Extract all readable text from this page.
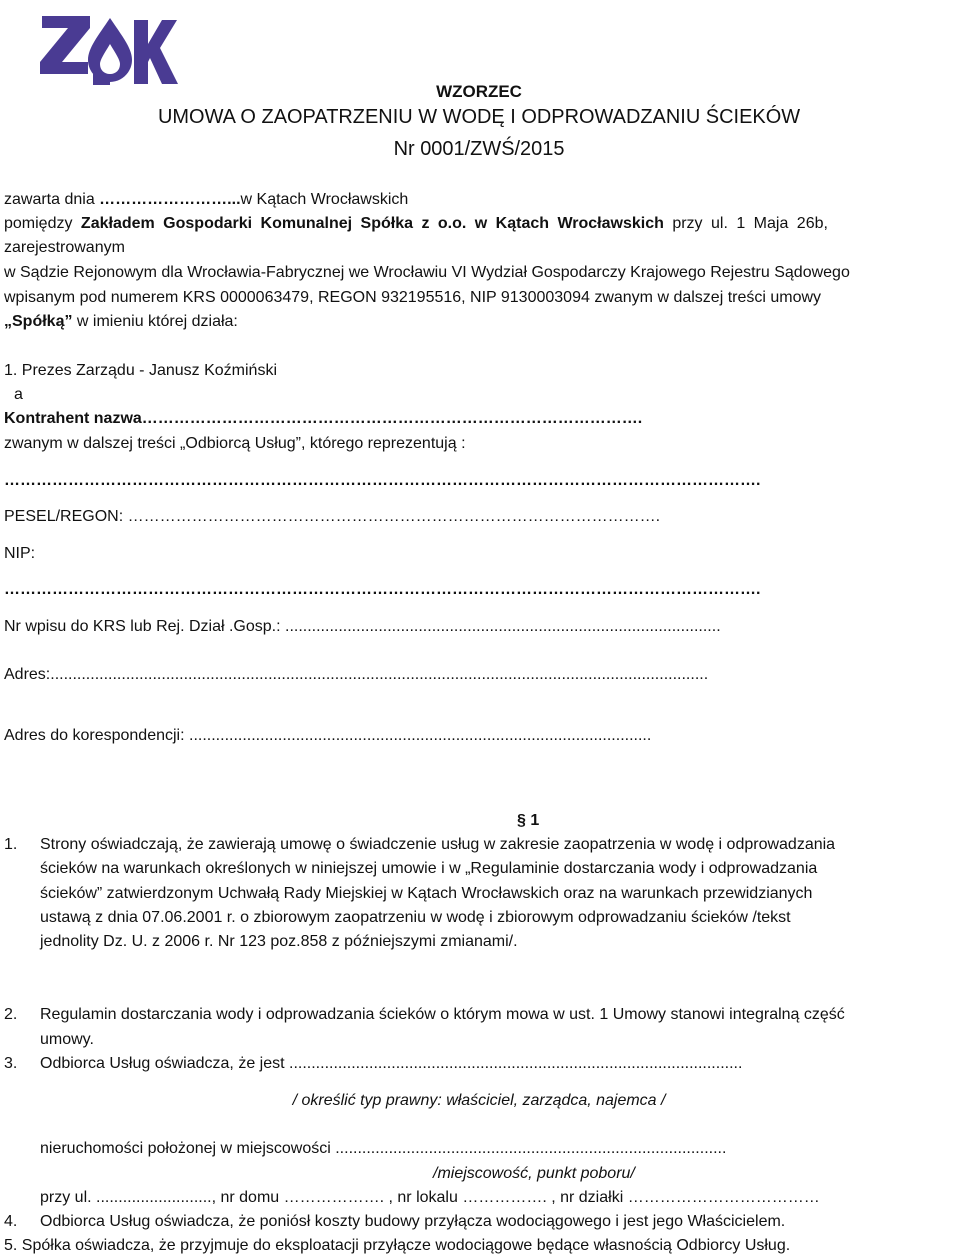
WZORZEC
UMOWA O ZAOPATRZENIU W WODĘ I ODPROWADZANIU ŚCIEKÓW
Nr 0001/ZWŚ/2015
zawarta dnia ……………………...w Kątach Wrocławskich
pomiędzy Zakładem Gospodarki Komunalnej Spółka z o.o. w Kątach Wrocławskich przy ul. 1 Maja 26b,
zarejestrowanym
w Sądzie Rejonowym dla Wrocławia-Fabrycznej we Wrocławiu VI Wydział Gospodarczy Krajowego Rejestru Sądowego
wpisanym pod numerem KRS 0000063479, REGON 932195516, NIP 9130003094 zwanym w dalszej treści umowy
„Spółką” w imieniu której działa:
1. Prezes Zarządu - Janusz Koźmiński
a
Kontrahent nazwa………………………………………………………………………………….
zwanym w dalszej treści „Odbiorcą Usług”, którego reprezentują :
…………………………………………………………………………………………………………………………….
PESEL/REGON: ……………………………………………………………………………………….
NIP:
…………………………………………………………………………………………………………………………….
Nr wpisu do KRS lub Rej. Dział .Gosp.: ..................................................................................................
Adres:....................................................................................................................................................
Adres do korespondencji: ........................................................................................................
§ 1
1. Strony oświadczają, że zawierają umowę o świadczenie usług w zakresie zaopatrzenia w wodę i odprowadzania
ścieków na warunkach określonych w niniejszej umowie i w „Regulaminie dostarczania wody i odprowadzania
ścieków” zatwierdzonym Uchwałą Rady Miejskiej w Kątach Wrocławskich oraz na warunkach przewidzianych
ustawą z dnia 07.06.2001 r. o zbiorowym zaopatrzeniu w wodę i zbiorowym odprowadzaniu ścieków /tekst
jednolity Dz. U. z 2006 r. Nr 123 poz.858 z późniejszymi zmianami/.
2. Regulamin dostarczania wody i odprowadzania ścieków o którym mowa w ust. 1 Umowy stanowi integralną część
umowy.
3. Odbiorca Usług oświadcza, że jest ......................................................................................................
/ określić typ prawny: właściciel, zarządca, najemca /
nieruchomości położonej w miejscowości ........................................................................................
/miejscowość, punkt poboru/
przy ul. .........................., nr domu ………………. , nr lokalu ……………. , nr działki ………………………………
4. Odbiorca Usług oświadcza, że poniósł koszty budowy przyłącza wodociągowego i jest jego Właścicielem.
5. Spółka oświadcza, że przyjmuje do eksploatacji przyłącze wodociągowe będące własnością Odbiorcy Usług.
